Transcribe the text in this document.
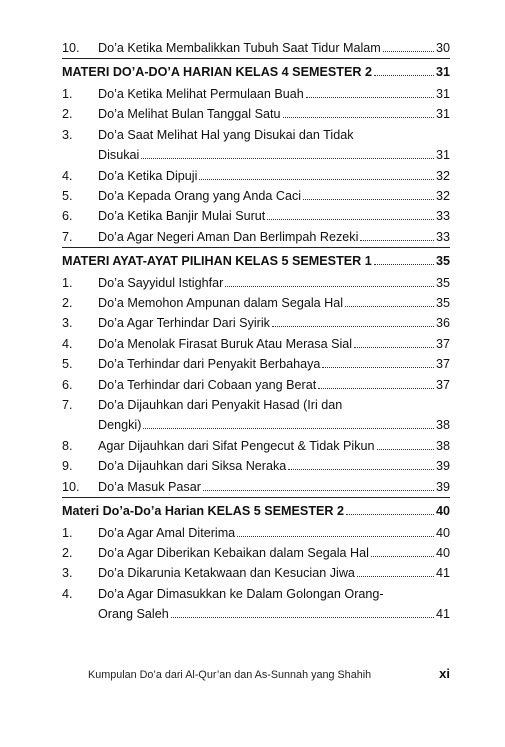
10.	Do’a Ketika Membalikkan Tubuh Saat Tidur Malam	30
MATERI DO’A-DO’A HARIAN KELAS 4 SEMESTER 2	31
1.	Do’a Ketika Melihat Permulaan Buah	31
2.	Do’a Melihat Bulan Tanggal Satu	31
3.	Do’a Saat Melihat Hal yang Disukai dan Tidak
Disukai	31
4.	Do’a Ketika Dipuji	32
5.	Do’a Kepada Orang yang Anda Caci	32
6.	Do’a Ketika Banjir Mulai Surut	33
7.	Do’a Agar Negeri Aman Dan Berlimpah Rezeki	33
MATERI AYAT-AYAT PILIHAN KELAS 5 SEMESTER 1	35
1.	Do’a Sayyidul Istighfar	35
2.	Do’a Memohon Ampunan dalam Segala Hal	35
3.	Do’a Agar Terhindar Dari Syirik	36
4.	Do’a Menolak Firasat Buruk Atau Merasa Sial	37
5.	Do’a Terhindar dari Penyakit Berbahaya	37
6.	Do’a Terhindar dari Cobaan yang Berat	37
7.	Do’a Dijauhkan dari Penyakit Hasad (Iri dan
Dengki)	38
8.	Agar Dijauhkan dari Sifat Pengecut & Tidak Pikun	38
9.	Do’a Dijauhkan dari Siksa Neraka	39
10.	Do’a Masuk Pasar	39
Materi Do’a-Do’a Harian KELAS 5 SEMESTER 2	40
1.	Do’a Agar Amal Diterima	40
2.	Do’a Agar Diberikan Kebaikan dalam Segala Hal	40
3.	Do’a Dikarunia Ketakwaan dan Kesucian Jiwa	41
4.	Do’a Agar Dimasukkan ke Dalam Golongan Orang-
Orang Saleh	41
Kumpulan Do’a dari Al-Qur’an dan As-Sunnah yang Shahih	xi
